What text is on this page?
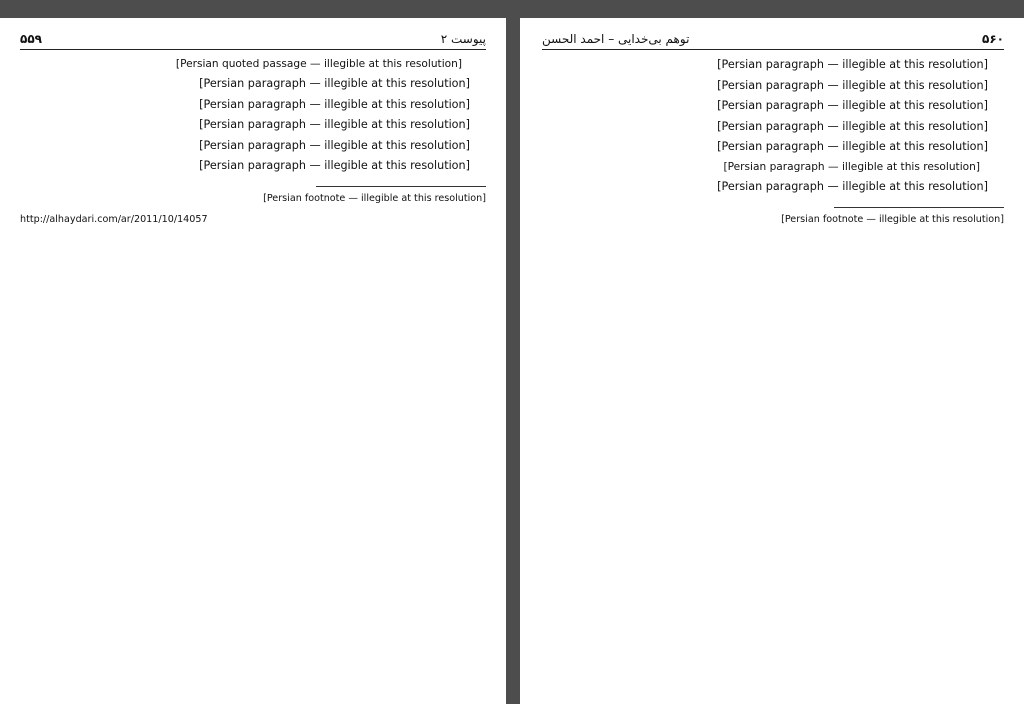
۵۵۹	پیوست ۲

[Persian quoted passage — illegible at this resolution]

[Persian paragraph — illegible at this resolution]

[Persian paragraph — illegible at this resolution]

[Persian paragraph — illegible at this resolution]

[Persian paragraph — illegible at this resolution]

[Persian paragraph — illegible at this resolution]

[Persian footnote — illegible at this resolution]
http://alhaydari.com/ar/2011/10/14057
توهم بی‌خدایی – احمد الحسن	۵۶۰

[Persian paragraph — illegible at this resolution]

[Persian paragraph — illegible at this resolution]

[Persian paragraph — illegible at this resolution]

[Persian paragraph — illegible at this resolution]

[Persian paragraph — illegible at this resolution]

[Persian paragraph — illegible at this resolution]

[Persian paragraph — illegible at this resolution]

[Persian footnote — illegible at this resolution]
